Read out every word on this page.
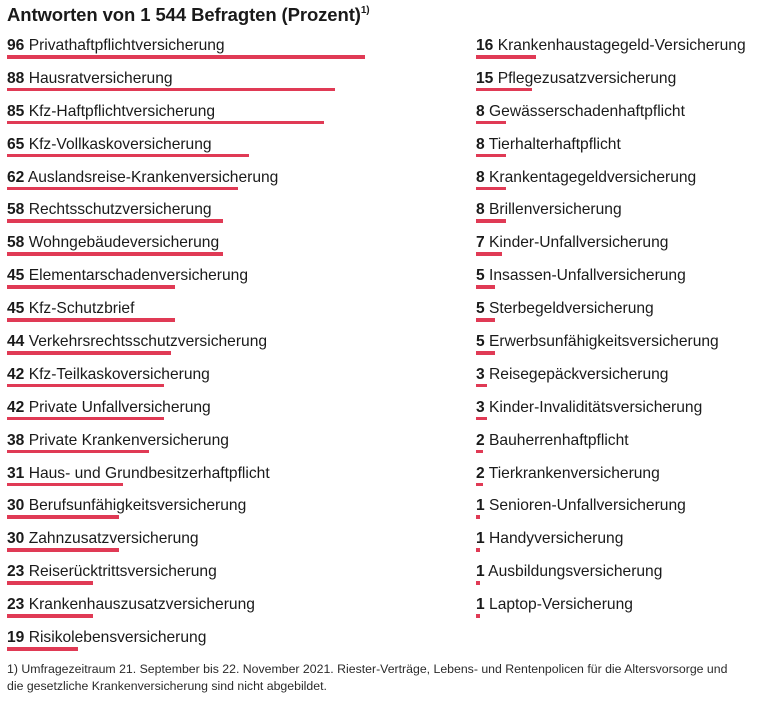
Antworten von 1 544 Befragten (Prozent)$^{1)}$
96 Privathaftpflichtversicherung
88 Hausratversicherung
85 Kfz-Haftpflichtversicherung
65 Kfz-Vollkaskoversicherung
62 Auslandsreise-Krankenversicherung
58 Rechtsschutzversicherung
58 Wohngebäudeversicherung
45 Elementarschadenversicherung
45 Kfz-Schutzbrief
44 Verkehrsrechtsschutzversicherung
42 Kfz-Teilkaskoversicherung
42 Private Unfallversicherung
38 Private Krankenversicherung
31 Haus- und Grundbesitzerhaftpflicht
30 Berufsunfähigkeitsversicherung
30 Zahnzusatzversicherung
23 Reiserücktrittsversicherung
23 Krankenhauszusatzversicherung
19 Risikolebensversicherung
16 Krankenhaustagegeld-Versicherung
15 Pflegezusatzversicherung
8 Gewässerschadenhaftpflicht
8 Tierhalterhaftpflicht
8 Krankentagegeldversicherung
8 Brillenversicherung
7 Kinder-Unfallversicherung
5 Insassen-Unfallversicherung
5 Sterbegeldversicherung
5 Erwerbsunfähigkeitsversicherung
3 Reisegepäckversicherung
3 Kinder-Invaliditätsversicherung
2 Bauherrenhaftpflicht
2 Tierkrankenversicherung
1 Senioren-Unfallversicherung
1 Handyversicherung
1 Ausbildungsversicherung
1 Laptop-Versicherung
1) Umfragezeitraum 21. September bis 22. November 2021. Riester-Verträge, Lebens- und Rentenpolicen für die Altersvorsorge und die gesetzliche Krankenversicherung sind nicht abgebildet.
